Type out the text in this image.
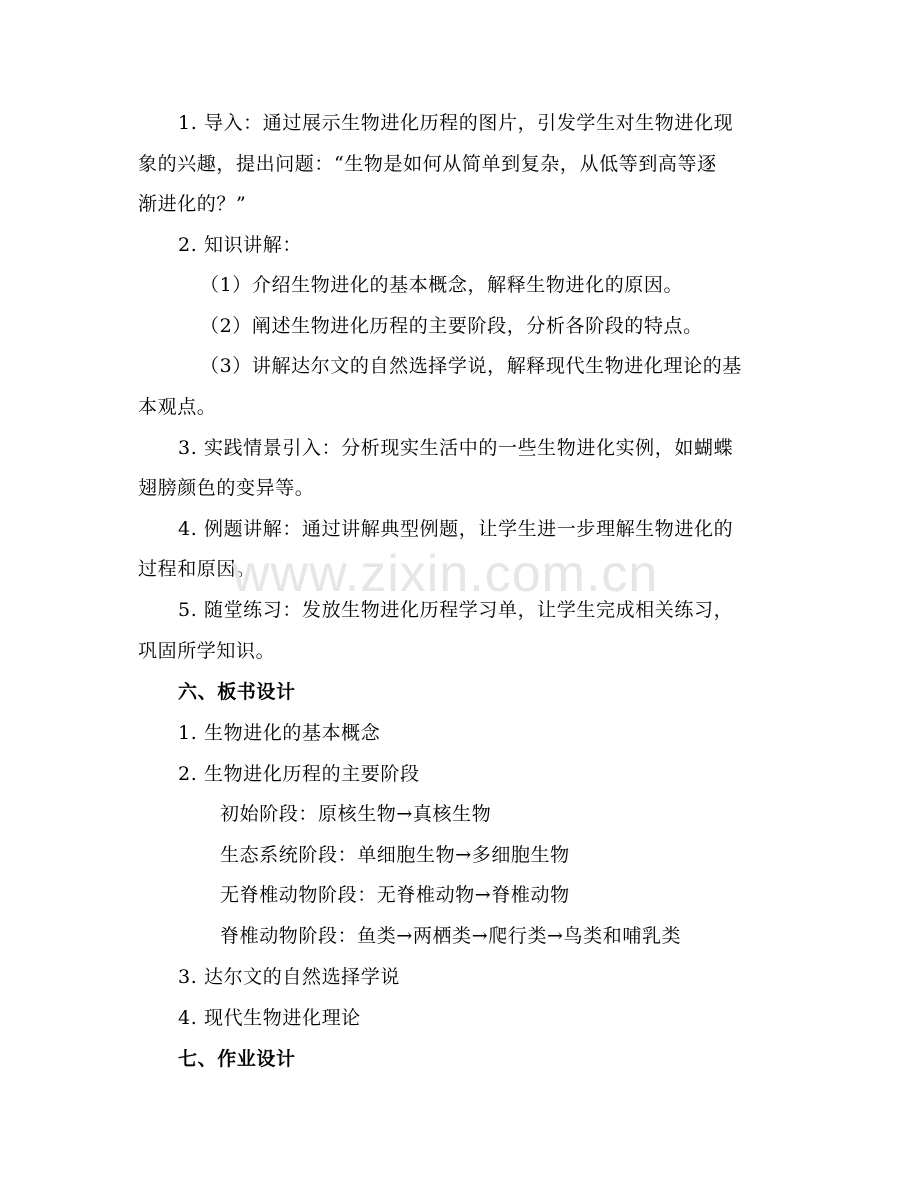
1. 导入：通过展示生物进化历程的图片，引发学生对生物进化现
象的兴趣，提出问题：“生物是如何从简单到复杂，从低等到高等逐
渐进化的？”
2. 知识讲解：
（1）介绍生物进化的基本概念，解释生物进化的原因。
（2）阐述生物进化历程的主要阶段，分析各阶段的特点。
（3）讲解达尔文的自然选择学说，解释现代生物进化理论的基
本观点。
3. 实践情景引入：分析现实生活中的一些生物进化实例，如蝴蝶
翅膀颜色的变异等。
4. 例题讲解：通过讲解典型例题，让学生进一步理解生物进化的
过程和原因。
5. 随堂练习：发放生物进化历程学习单，让学生完成相关练习，
巩固所学知识。
六、板书设计
1. 生物进化的基本概念
2. 生物进化历程的主要阶段
初始阶段：原核生物→真核生物
生态系统阶段：单细胞生物→多细胞生物
无脊椎动物阶段：无脊椎动物→脊椎动物
脊椎动物阶段：鱼类→两栖类→爬行类→鸟类和哺乳类
3. 达尔文的自然选择学说
4. 现代生物进化理论
七、作业设计
www.zixin.com.cn
